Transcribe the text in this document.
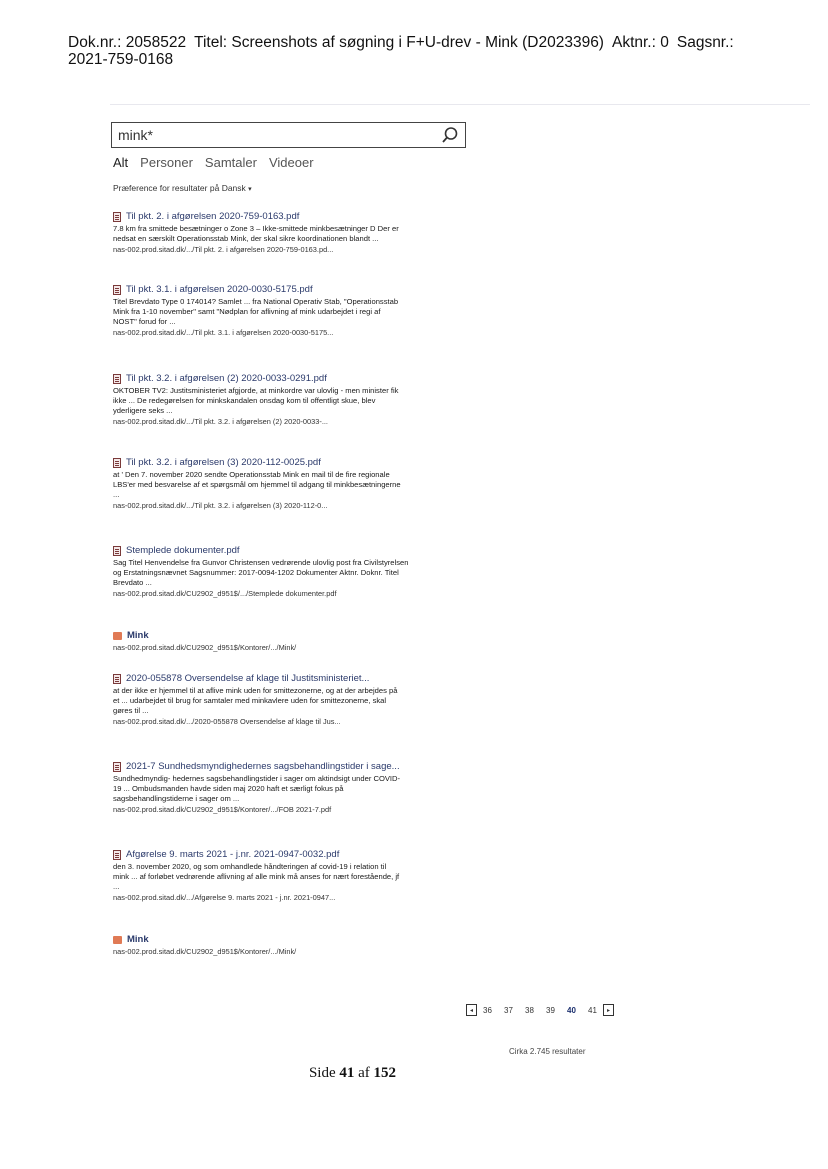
Dok.nr.: 2058522 Titel: Screenshots af søgning i F+U-drev - Mink (D2023396) Aktnr.: 0 Sagsnr.:
2021-759-0168
mink*
Alt Personer Samtaler Videoer
Præference for resultater på Dansk ▾
Til pkt. 2. i afgørelsen 2020-759-0163.pdf
7.8 km fra smittede besætninger o Zone 3 – Ikke-smittede minkbesætninger D Der er
nedsat en særskilt Operationsstab Mink, der skal sikre koordinationen blandt ...
nas-002.prod.sitad.dk/.../Til pkt. 2. i afgørelsen 2020-759-0163.pd...
Til pkt. 3.1. i afgørelsen 2020-0030-5175.pdf
Titel Brevdato Type 0 174014? Samlet ... fra National Operativ Stab, "Operationsstab
Mink fra 1-10 november" samt "Nødplan for aflivning af mink udarbejdet i regi af
NOST" forud for ...
nas-002.prod.sitad.dk/.../Til pkt. 3.1. i afgørelsen 2020-0030-5175...
Til pkt. 3.2. i afgørelsen (2) 2020-0033-0291.pdf
OKTOBER TV2: Justitsministeriet afgjorde, at minkordre var ulovlig - men minister fik
ikke ... De redegørelsen for minkskandalen onsdag kom til offentligt skue, blev
yderligere seks ...
nas-002.prod.sitad.dk/.../Til pkt. 3.2. i afgørelsen (2) 2020-0033-...
Til pkt. 3.2. i afgørelsen (3) 2020-112-0025.pdf
at ' Den 7. november 2020 sendte Operationsstab Mink en mail til de fire regionale
LBS'er med besvarelse af et spørgsmål om hjemmel til adgang til minkbesætningerne
...
nas-002.prod.sitad.dk/.../Til pkt. 3.2. i afgørelsen (3) 2020-112-0...
Stemplede dokumenter.pdf
Sag Titel Henvendelse fra Gunvor Christensen vedrørende ulovlig post fra Civilstyrelsen
og Erstatningsnævnet Sagsnummer: 2017-0094-1202 Dokumenter Aktnr. Doknr. Titel
Brevdato ...
nas-002.prod.sitad.dk/CU2902_d951$/.../Stemplede dokumenter.pdf
Mink
nas-002.prod.sitad.dk/CU2902_d951$/Kontorer/.../Mink/
2020-055878 Oversendelse af klage til Justitsministeriet...
at der ikke er hjemmel til at aflive mink uden for smittezonerne, og at der arbejdes på
et ... udarbejdet til brug for samtaler med minkavlere uden for smittezonerne, skal
gøres til ...
nas-002.prod.sitad.dk/.../2020-055878 Oversendelse af klage til Jus...
2021-7 Sundhedsmyndighedernes sagsbehandlingstider i sage...
Sundhedmyndig- hedernes sagsbehandlingstider i sager om aktindsigt under COVID-
19 ... Ombudsmanden havde siden maj 2020 haft et særligt fokus på
sagsbehandlingstiderne i sager om ...
nas-002.prod.sitad.dk/CU2902_d951$/Kontorer/.../FOB 2021-7.pdf
Afgørelse 9. marts 2021 - j.nr. 2021-0947-0032.pdf
den 3. november 2020, og som omhandlede håndteringen af covid-19 i relation til
mink ... af forløbet vedrørende aflivning af alle mink må anses for nært forestående, jf
...
nas-002.prod.sitad.dk/.../Afgørelse 9. marts 2021 - j.nr. 2021-0947...
Mink
nas-002.prod.sitad.dk/CU2902_d951$/Kontorer/.../Mink/
◂	36	37	38	39	40	41	▸
Cirka 2.745 resultater
Side 41 af 152
